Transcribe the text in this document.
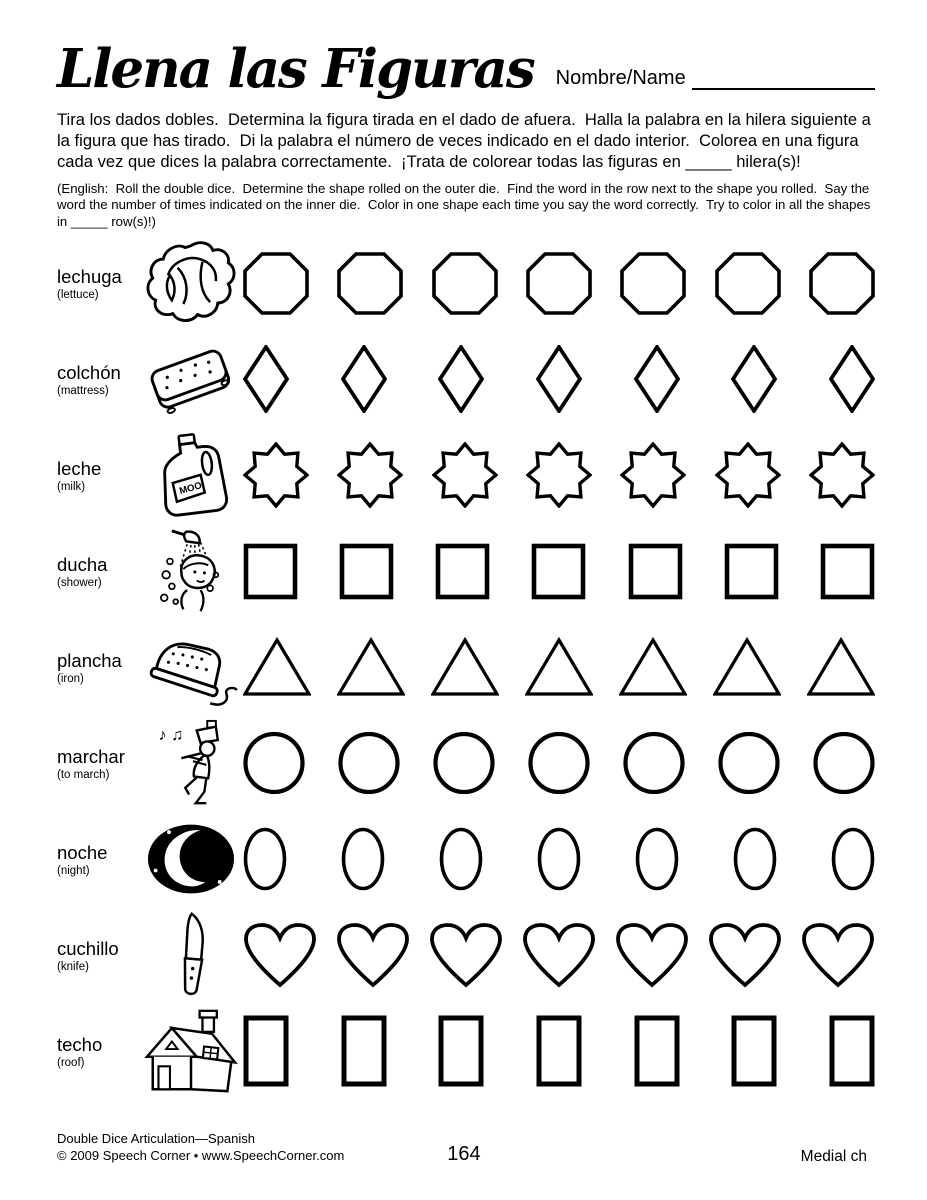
Llena las Figuras Nombre/Name

Tira los dados dobles.  Determina la figura tirada en el dado de afuera.  Halla la palabra en la hilera siguiente a la figura que has tirado.  Di la palabra el número de veces indicado en el dado interior.  Colorea en una figura cada vez que dices la palabra correctamente.  ¡Trata de colorear todas las figuras en _____ hilera(s)!

(English:  Roll the double dice.  Determine the shape rolled on the outer die.  Find the word in the row next to the shape you rolled.  Say the word the number of times indicated on the inner die.  Color in one shape each time you say the word correctly.  Try to color in all the shapes in _____ row(s)!)

lechuga
(lettuce)
colchón
(mattress)
leche
(milk)	MOO
ducha
(shower)
plancha
(iron)
marchar
(to march)
♪ ♫
noche
(night)
cuchillo
(knife)
techo
(roof)
Double Dice Articulation—Spanish
© 2009 Speech Corner • www.SpeechCorner.com	164	Medial ch
